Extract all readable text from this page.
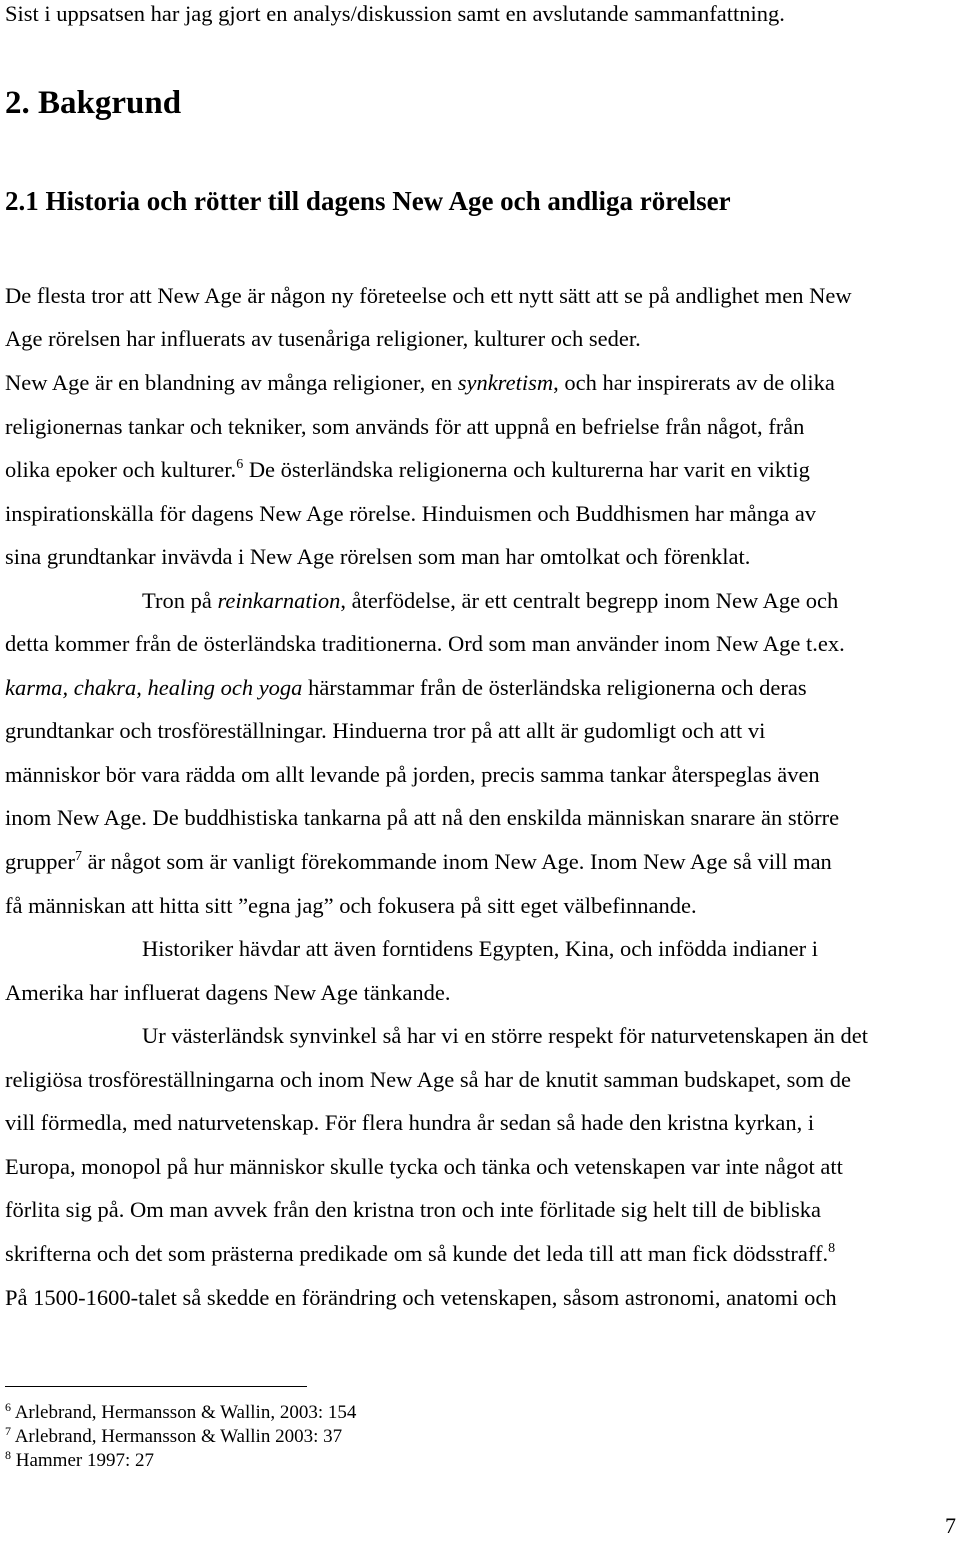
Sist i uppsatsen har jag gjort en analys/diskussion samt en avslutande sammanfattning.

2. Bakgrund
2.1 Historia och rötter till dagens New Age och andliga rörelser

De flesta tror att New Age är någon ny företeelse och ett nytt sätt att se på andlighet men New

Age rörelsen har influerats av tusenåriga religioner, kulturer och seder.

New Age är en blandning av många religioner, en synkretism, och har inspirerats av de olika

religionernas tankar och tekniker, som används för att uppnå en befrielse från något, från

olika epoker och kulturer.$^6$ De österländska religionerna och kulturerna har varit en viktig

inspirationskälla för dagens New Age rörelse. Hinduismen och Buddhismen har många av

sina grundtankar invävda i New Age rörelsen som man har omtolkat och förenklat.

Tron på reinkarnation, återfödelse, är ett centralt begrepp inom New Age och

detta kommer från de österländska traditionerna. Ord som man använder inom New Age t.ex.

karma, chakra, healing och yoga härstammar från de österländska religionerna och deras

grundtankar och trosföreställningar. Hinduerna tror på att allt är gudomligt och att vi

människor bör vara rädda om allt levande på jorden, precis samma tankar återspeglas även

inom New Age. De buddhistiska tankarna på att nå den enskilda människan snarare än större

grupper$^7$ är något som är vanligt förekommande inom New Age. Inom New Age så vill man

få människan att hitta sitt ”egna jag” och fokusera på sitt eget välbefinnande.

Historiker hävdar att även forntidens Egypten, Kina, och infödda indianer i

Amerika har influerat dagens New Age tänkande.

Ur västerländsk synvinkel så har vi en större respekt för naturvetenskapen än det

religiösa trosföreställningarna och inom New Age så har de knutit samman budskapet, som de

vill förmedla, med naturvetenskap. För flera hundra år sedan så hade den kristna kyrkan, i

Europa, monopol på hur människor skulle tycka och tänka och vetenskapen var inte något att

förlita sig på. Om man avvek från den kristna tron och inte förlitade sig helt till de bibliska

skrifterna och det som prästerna predikade om så kunde det leda till att man fick dödsstraff.$^8$

På 1500-1600-talet så skedde en förändring och vetenskapen, såsom astronomi, anatomi och

$^6$ Arlebrand, Hermansson & Wallin, 2003: 154

$^7$ Arlebrand, Hermansson & Wallin 2003: 37

$^8$ Hammer 1997: 27

7
